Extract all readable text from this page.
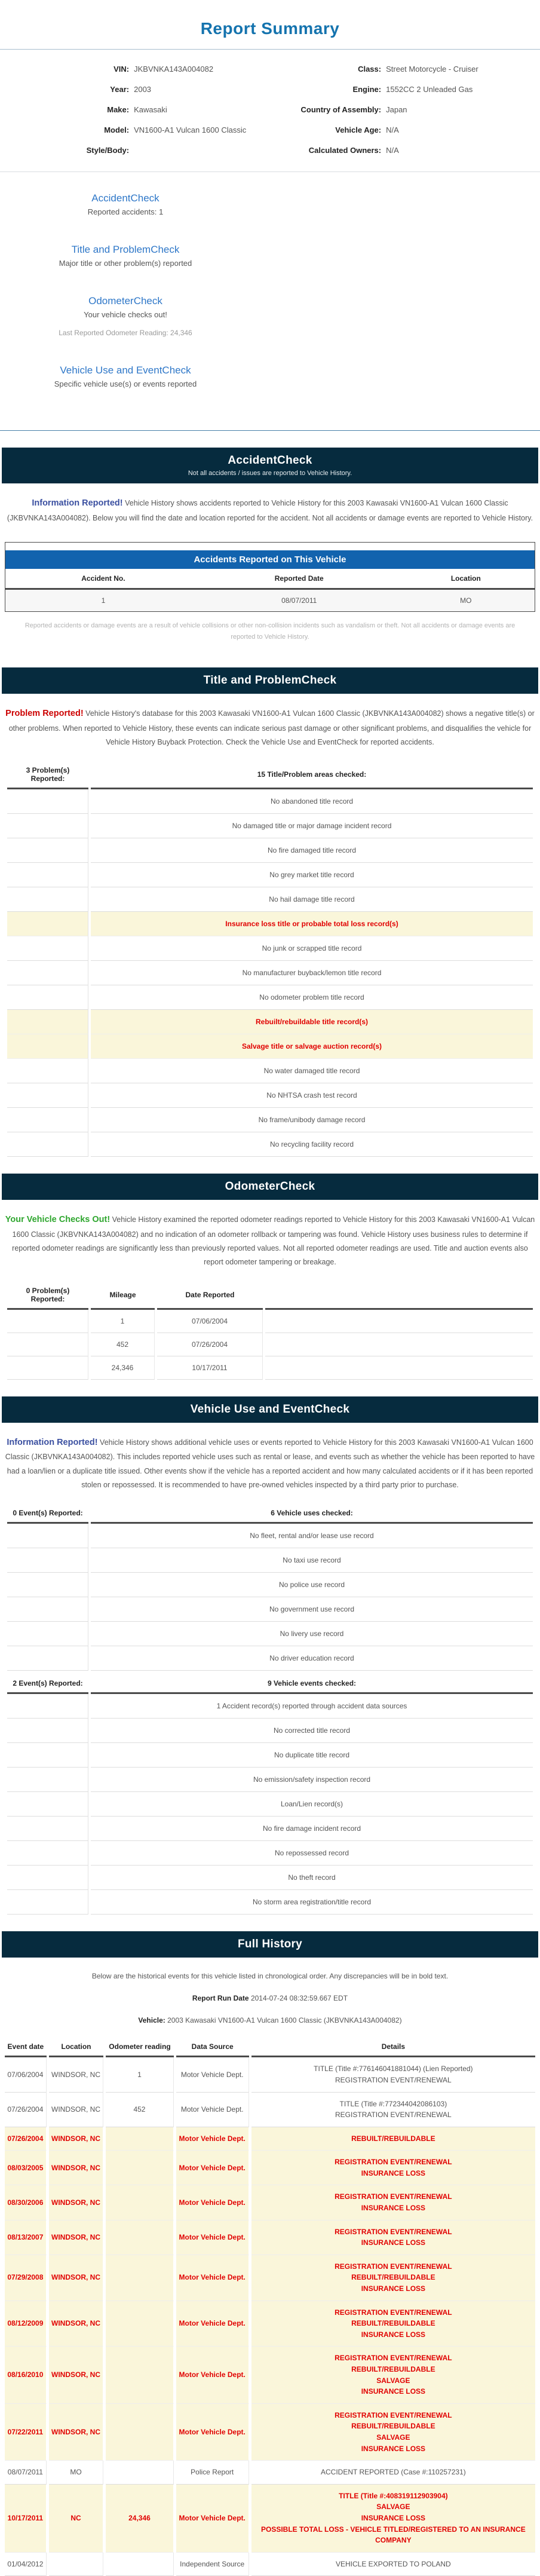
Report Summary
VIN: JKBVNKA143A004082
Year: 2003
Make: Kawasaki
Model: VN1600-A1 Vulcan 1600 Classic
Style/Body:
Class: Street Motorcycle - Cruiser
Engine: 1552CC 2 Unleaded Gas
Country of Assembly: Japan
Vehicle Age: N/A
Calculated Owners: N/A
AccidentCheck
Reported accidents: 1
Title and ProblemCheck
Major title or other problem(s) reported
OdometerCheck
Your vehicle checks out!
Last Reported Odometer Reading: 24,346
Vehicle Use and EventCheck
Specific vehicle use(s) or events reported
AccidentCheck
Not all accidents / issues are reported to Vehicle History.

Information Reported! Vehicle History shows accidents reported to Vehicle History for this 2003 Kawasaki VN1600-A1 Vulcan 1600 Classic (JKBVNKA143A004082). Below you will find the date and location reported for the accident. Not all accidents or damage events are reported to Vehicle History.

Accidents Reported on This Vehicle
Accident No.	Reported Date	Location
1	08/07/2011	MO

Reported accidents or damage events are a result of vehicle collisions or other non-collision incidents such as vandalism or theft. Not all accidents or damage events are reported to Vehicle History.

Title and ProblemCheck

Problem Reported! Vehicle History's database for this 2003 Kawasaki VN1600-A1 Vulcan 1600 Classic (JKBVNKA143A004082) shows a negative title(s) or other problems. When reported to Vehicle History, these events can indicate serious past damage or other significant problems, and disqualifies the vehicle for Vehicle History Buyback Protection. Check the Vehicle Use and EventCheck for reported accidents.

3 Problem(s) Reported:	15 Title/Problem areas checked:
	No abandoned title record
	No damaged title or major damage incident record
	No fire damaged title record
	No grey market title record
	No hail damage title record
	Insurance loss title or probable total loss record(s)
	No junk or scrapped title record
	No manufacturer buyback/lemon title record
	No odometer problem title record
	Rebuilt/rebuildable title record(s)
	Salvage title or salvage auction record(s)
	No water damaged title record
	No NHTSA crash test record
	No frame/unibody damage record
	No recycling facility record
OdometerCheck

Your Vehicle Checks Out! Vehicle History examined the reported odometer readings reported to Vehicle History for this 2003 Kawasaki VN1600-A1 Vulcan 1600 Classic (JKBVNKA143A004082) and no indication of an odometer rollback or tampering was found. Vehicle History uses business rules to determine if reported odometer readings are significantly less than previously reported values. Not all reported odometer readings are used. Title and auction events also report odometer tampering or breakage.

0 Problem(s) Reported:	Mileage	Date Reported	
	1	07/06/2004	
	452	07/26/2004	
	24,346	10/17/2011	
Vehicle Use and EventCheck

Information Reported! Vehicle History shows additional vehicle uses or events reported to Vehicle History for this 2003 Kawasaki VN1600-A1 Vulcan 1600 Classic (JKBVNKA143A004082). This includes reported vehicle uses such as rental or lease, and events such as whether the vehicle has been reported to have had a loan/lien or a duplicate title issued. Other events show if the vehicle has a reported accident and how many calculated accidents or if it has been reported stolen or repossessed. It is recommended to have pre-owned vehicles inspected by a third party prior to purchase.

0 Event(s) Reported:	6 Vehicle uses checked:
	No fleet, rental and/or lease use record
	No taxi use record
	No police use record
	No government use record
	No livery use record
	No driver education record
2 Event(s) Reported:	9 Vehicle events checked:
	1 Accident record(s) reported through accident data sources
	No corrected title record
	No duplicate title record
	No emission/safety inspection record
	Loan/Lien record(s)
	No fire damage incident record
	No repossessed record
	No theft record
	No storm area registration/title record
Full History

Below are the historical events for this vehicle listed in chronological order. Any discrepancies will be in bold text.

Report Run Date 2014-07-24 08:32:59.667 EDT

Vehicle: 2003 Kawasaki VN1600-A1 Vulcan 1600 Classic (JKBVNKA143A004082)

Event date	Location	Odometer reading	Data Source	Details
07/06/2004	WINDSOR, NC	1	Motor Vehicle Dept.	TITLE (Title #:776146041881044) (Lien Reported)
REGISTRATION EVENT/RENEWAL

07/26/2004	WINDSOR, NC	452	Motor Vehicle Dept.	TITLE (Title #:772344042086103)
REGISTRATION EVENT/RENEWAL

07/26/2004	WINDSOR, NC		Motor Vehicle Dept.	REBUILT/REBUILDABLE

08/03/2005	WINDSOR, NC		Motor Vehicle Dept.	REGISTRATION EVENT/RENEWAL
INSURANCE LOSS

08/30/2006	WINDSOR, NC		Motor Vehicle Dept.	REGISTRATION EVENT/RENEWAL
INSURANCE LOSS

08/13/2007	WINDSOR, NC		Motor Vehicle Dept.	REGISTRATION EVENT/RENEWAL
INSURANCE LOSS

07/29/2008	WINDSOR, NC		Motor Vehicle Dept.	REGISTRATION EVENT/RENEWAL
REBUILT/REBUILDABLE
INSURANCE LOSS

08/12/2009	WINDSOR, NC		Motor Vehicle Dept.	REGISTRATION EVENT/RENEWAL
REBUILT/REBUILDABLE
INSURANCE LOSS

08/16/2010	WINDSOR, NC		Motor Vehicle Dept.	REGISTRATION EVENT/RENEWAL
REBUILT/REBUILDABLE
SALVAGE
INSURANCE LOSS

07/22/2011	WINDSOR, NC		Motor Vehicle Dept.	REGISTRATION EVENT/RENEWAL
REBUILT/REBUILDABLE
SALVAGE
INSURANCE LOSS

08/07/2011	MO		Police Report	ACCIDENT REPORTED (Case #:110257231)

10/17/2011	NC	24,346	Motor Vehicle Dept.	TITLE (Title #:408319112903904)
SALVAGE
INSURANCE LOSS
POSSIBLE TOTAL LOSS - VEHICLE TITLED/REGISTERED TO AN INSURANCE COMPANY

01/04/2012			Independent Source	VEHICLE EXPORTED TO POLAND
